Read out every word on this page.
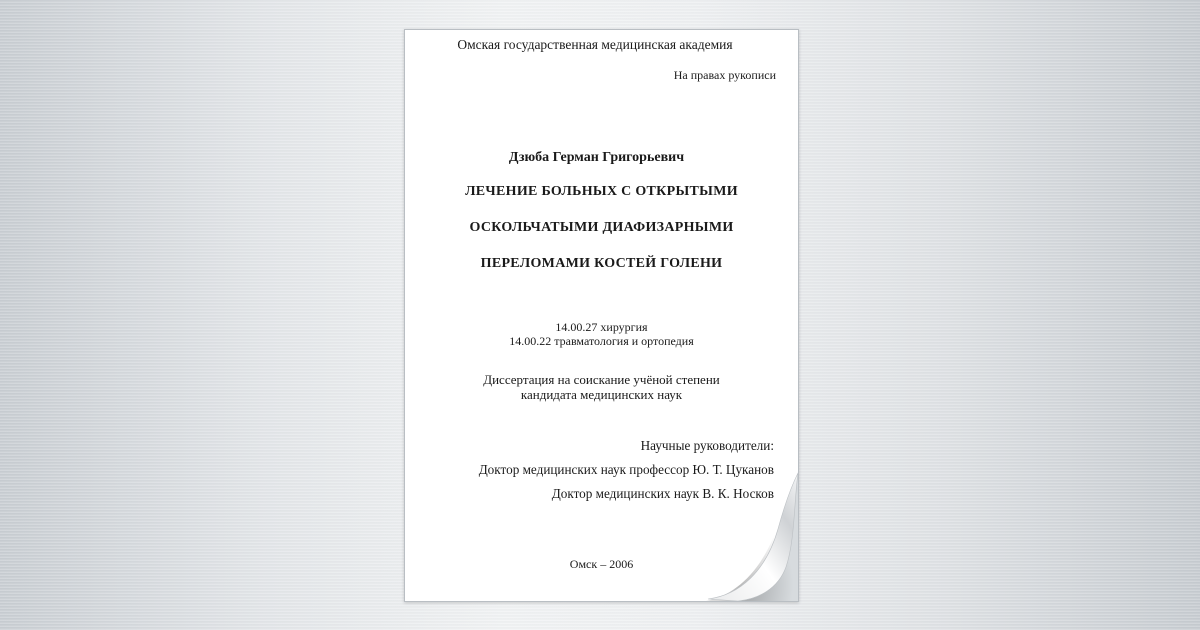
Омская государственная медицинская академия

На правах рукописи

Дзюба Герман Григорьевич

ЛЕЧЕНИЕ БОЛЬНЫХ С ОТКРЫТЫМИ

ОСКОЛЬЧАТЫМИ ДИАФИЗАРНЫМИ

ПЕРЕЛОМАМИ КОСТЕЙ ГОЛЕНИ

14.00.27 хирургия

14.00.22 травматология и ортопедия

Диссертация на соискание учёной степени

кандидата медицинских наук

Научные руководители:

Доктор медицинских наук профессор Ю. Т. Цуканов

Доктор медицинских наук В. К. Носков

Омск – 2006
